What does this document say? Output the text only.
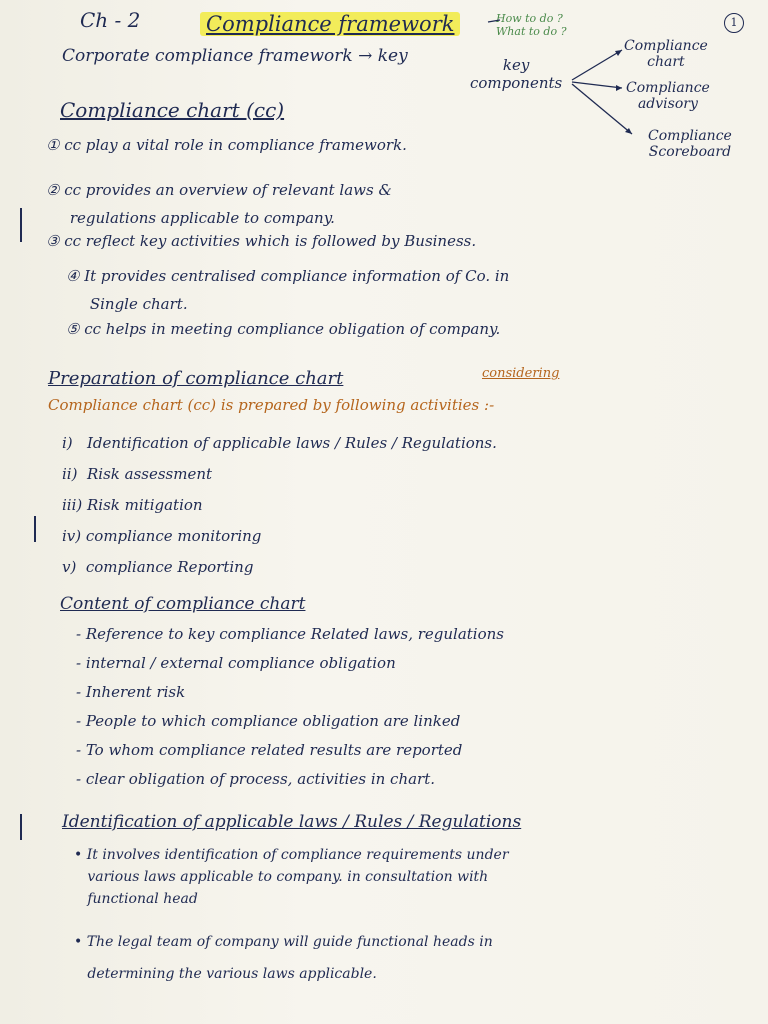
Ch - 2	Compliance framework	How to do ?
What to do ?
1
Corporate compliance framework → key	key
components
Compliance
chart
Compliance
advisory
Compliance
Scoreboard
Compliance chart (cc)
① cc play a vital role in compliance framework.
② cc provides an overview of relevant laws &
regulations applicable to company.
③ cc reflect key activities which is followed by Business.
④ It provides centralised compliance information of Co. in
Single chart.
⑤ cc helps in meeting compliance obligation of company.
Preparation of compliance chart	considering
Compliance chart (cc) is prepared by following activities :-
i)   Identification of applicable laws / Rules / Regulations.
ii)  Risk assessment
iii) Risk mitigation
iv) compliance monitoring
v)  compliance Reporting
Content of compliance chart
- Reference to key compliance Related laws, regulations
- internal / external compliance obligation
- Inherent risk
- People to which compliance obligation are linked
- To whom compliance related results are reported
- clear obligation of process, activities in chart.
Identification of applicable laws / Rules / Regulations
• It involves identification of compliance requirements under
various laws applicable to company. in consultation with
functional head
• The legal team of company will guide functional heads in
determining the various laws applicable.
